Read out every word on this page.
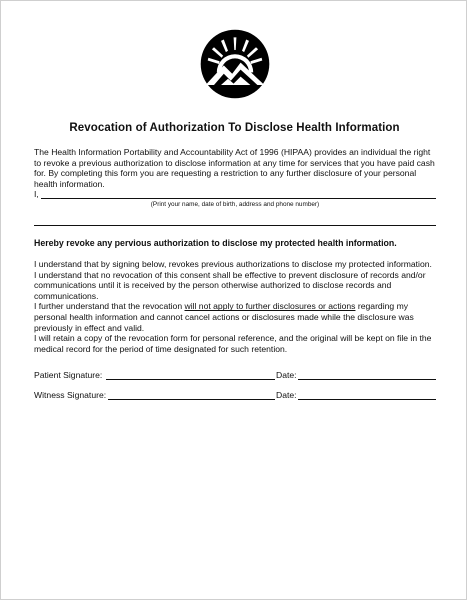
Revocation of Authorization To Disclose Health Information
The Health Information Portability and Accountability Act of 1996 (HIPAA) provides an individual the right to revoke a previous authorization to disclose information at any time for services that you have paid cash for. By completing this form you are requesting a restriction to any further disclosure of your personal health information.
I,
(Print your name, date of birth, address and phone number)
Hereby revoke any pervious authorization to disclose my protected health information.

I understand that by signing below, revokes previous authorizations to disclose my protected information.

I understand that no revocation of this consent shall be effective to prevent disclosure of records and/or communications until it is received by the person otherwise authorized to disclose records and communications.

I further understand that the revocation will not apply to further disclosures or actions regarding my personal health information and cannot cancel actions or disclosures made while the disclosure was previously in effect and valid.

I will retain a copy of the revocation form for personal reference, and the original will be kept on file in the medical record for the period of time designated for such retention.

Patient Signature:	Date:
Witness Signature:	Date:
